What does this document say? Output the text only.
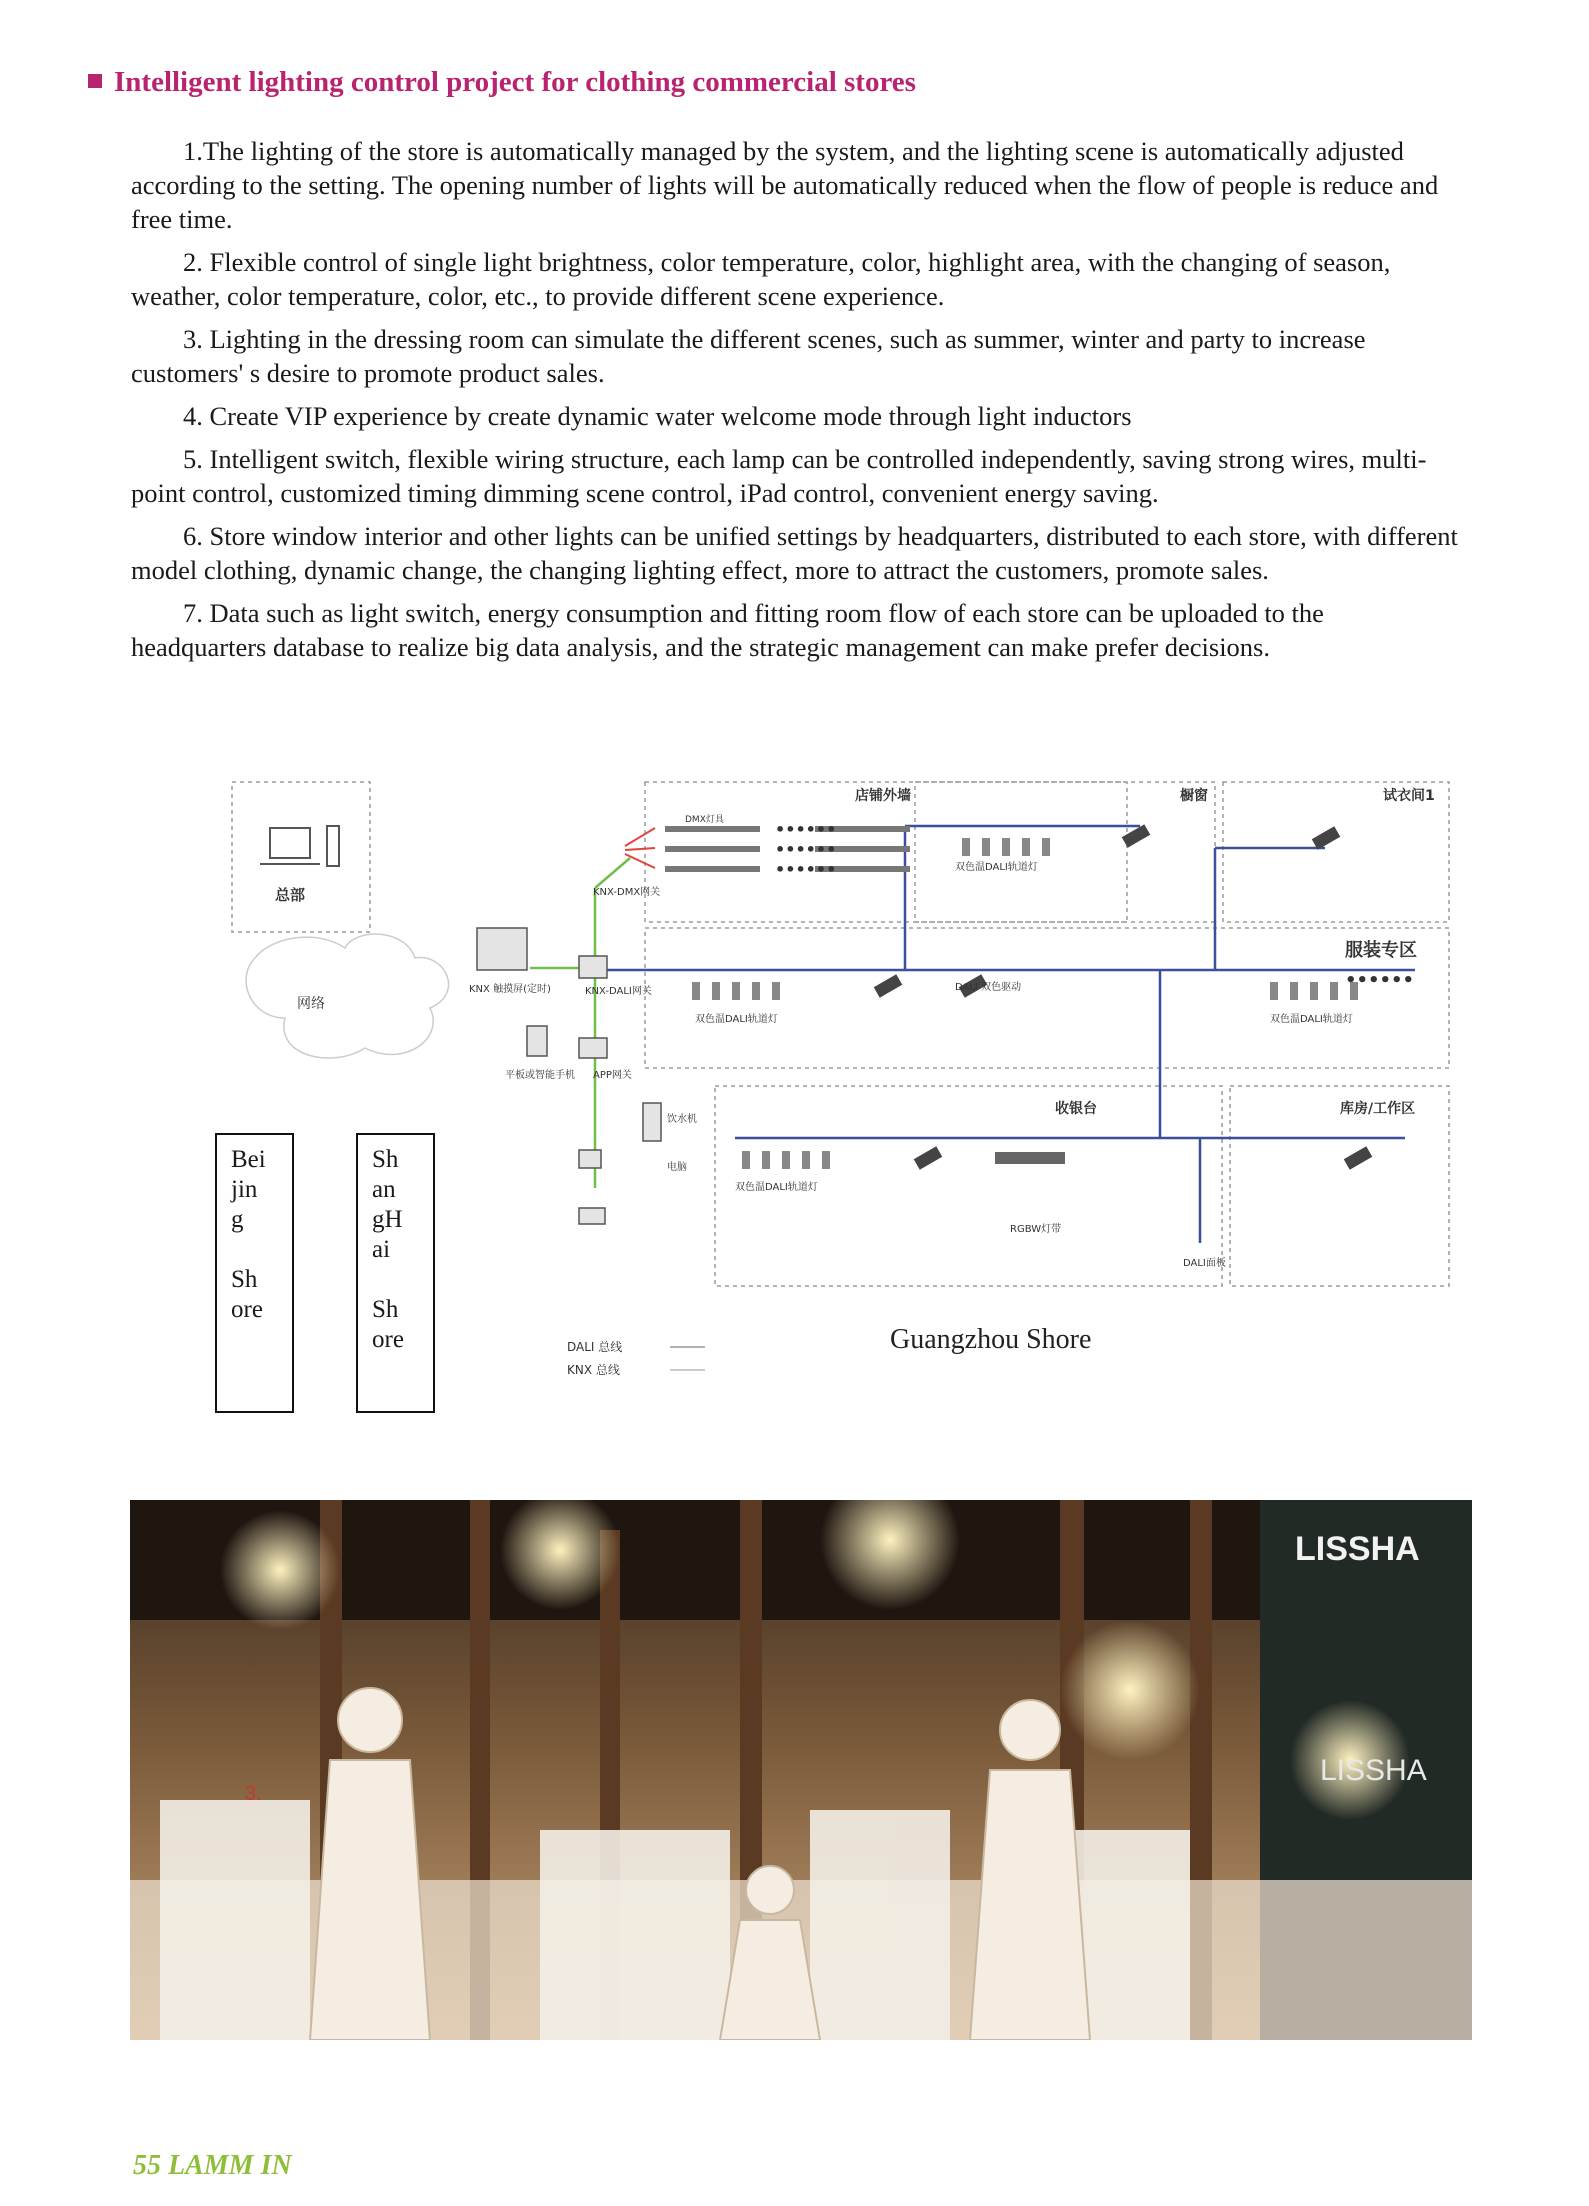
Intelligent lighting control project for clothing commercial stores

1.The lighting of the store is automatically managed by the system, and the lighting scene is automatically adjusted according to the setting. The opening number of lights will be automatically reduced when the flow of people is reduce and free time.

2. Flexible control of single light brightness, color temperature, color, highlight area, with the changing of season, weather, color temperature, color, etc., to provide different scene experience.

3. Lighting in the dressing room can simulate the different scenes, such as summer, winter and party to increase customers' s desire to promote product sales.

4. Create VIP experience by create dynamic water welcome mode through light inductors

5. Intelligent switch, flexible wiring structure, each lamp can be controlled independently, saving strong wires, multi-point control, customized timing dimming scene control, iPad control, convenient energy saving.

6. Store window interior and other lights can be unified settings by headquarters, distributed to each store, with different model clothing, dynamic change, the changing lighting effect, more to attract the customers, promote sales.

7. Data such as light switch, energy consumption and fitting room flow of each store can be uploaded to the headquarters database to realize big data analysis, and the strategic management can make prefer decisions.

总部
网络
店铺外墙	橱窗	试衣间1
服装专区
••••••
••••••
••••••
••••••
DMX灯具
KNX-DMX网关
KNX-DALI网关
KNX 触摸屏(定时)
平板或智能手机 APP网关
饮水机
电脑
双色温DALI轨道灯	双色温DALI轨道灯
双色温DALI轨道灯
双色温DALI轨道灯
DALI 双色驱动
RGBW灯带
DALI面板
收银台	库房/工作区
DALI 总线
KNX 总线
Guangzhou Shore
Bei
jin
g

Sh
ore
Sh
an
gH
ai

Sh
ore
LISSHA
LISSHA
3.
55 LAMM IN
